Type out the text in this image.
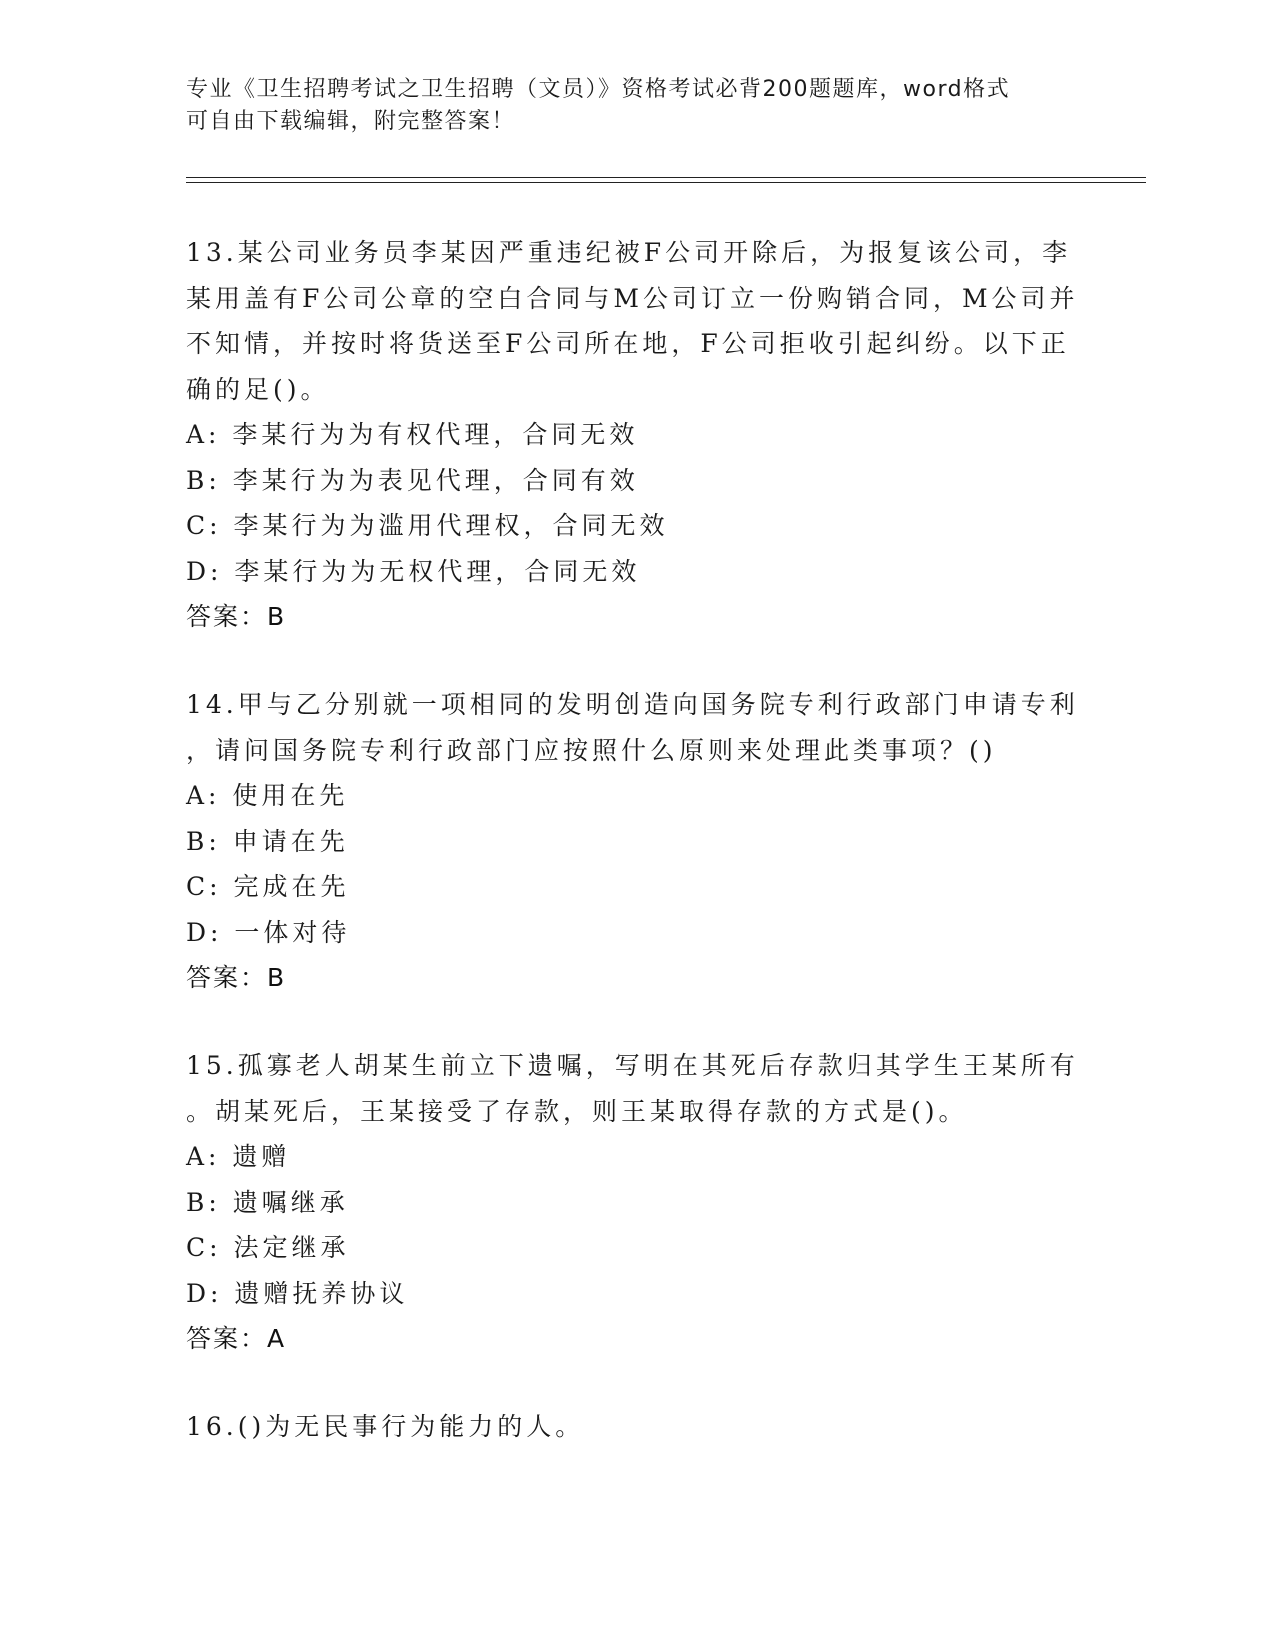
专业《卫生招聘考试之卫生招聘（文员）》资格考试必背200题题库，word格式
可自由下载编辑，附完整答案！
13.某公司业务员李某因严重违纪被F公司开除后，为报复该公司，李
某用盖有F公司公章的空白合同与M公司订立一份购销合同，M公司并
不知情，并按时将货送至F公司所在地，F公司拒收引起纠纷。以下正
确的足()。
A: 李某行为为有权代理，合同无效
B: 李某行为为表见代理，合同有效
C: 李某行为为滥用代理权，合同无效
D: 李某行为为无权代理，合同无效
答案：B
14.甲与乙分别就一项相同的发明创造向国务院专利行政部门申请专利
，请问国务院专利行政部门应按照什么原则来处理此类事项？()
A: 使用在先
B: 申请在先
C: 完成在先
D: 一体对待
答案：B
15.孤寡老人胡某生前立下遗嘱，写明在其死后存款归其学生王某所有
。胡某死后，王某接受了存款，则王某取得存款的方式是()。
A: 遗赠
B: 遗嘱继承
C: 法定继承
D: 遗赠抚养协议
答案：A
16.()为无民事行为能力的人。
